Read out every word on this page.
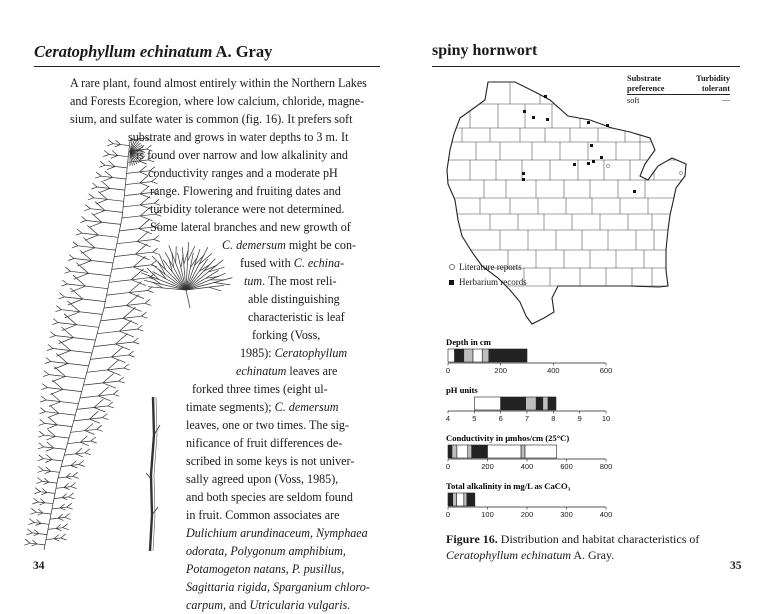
Ceratophyllum echinatum A. Gray
A rare plant, found almost entirely within the Northern Lakes
and Forests Ecoregion, where low calcium, chloride, magne-
sium, and sulfate water is common (fig. 16). It prefers soft
substrate and grows in water depths to 3 m. It
is found over narrow and low alkalinity and
conductivity ranges and a moderate pH
range. Flowering and fruiting dates and
turbidity tolerance were not determined.
Some lateral branches and new growth of
C. demersum might be con-
fused with C. echina-
tum. The most reli-
able distinguishing
characteristic is leaf
forking (Voss,
1985): Ceratophyllum
echinatum leaves are
forked three times (eight ul-
timate segments); C. demersum
leaves, one or two times. The sig-
nificance of fruit differences de-
scribed in some keys is not univer-
sally agreed upon (Voss, 1985),
and both species are seldom found
in fruit. Common associates are
Dulichium arundinaceum, Nymphaea
odorata, Polygonum amphibium,
Potamogeton natans, P. pusillus,
Sagittaria rigida, Sparganium chloro-
carpum, and Utricularia vulgaris.
34
spiny hornwort
Substrate
preference
Turbidity
tolerant
soft	—
Literature reports
Herbarium records
Depth in cm
0	200	400	600
pH units
4	5	6	7	8	9	10
Conductivity in µmhos/cm (25°C)
0	200	400	600	800
Total alkalinity in mg/L as CaCO₃
0	100	200	300	400
Figure 16. Distribution and habitat characteristics of Ceratophyllum echinatum A. Gray.
35
